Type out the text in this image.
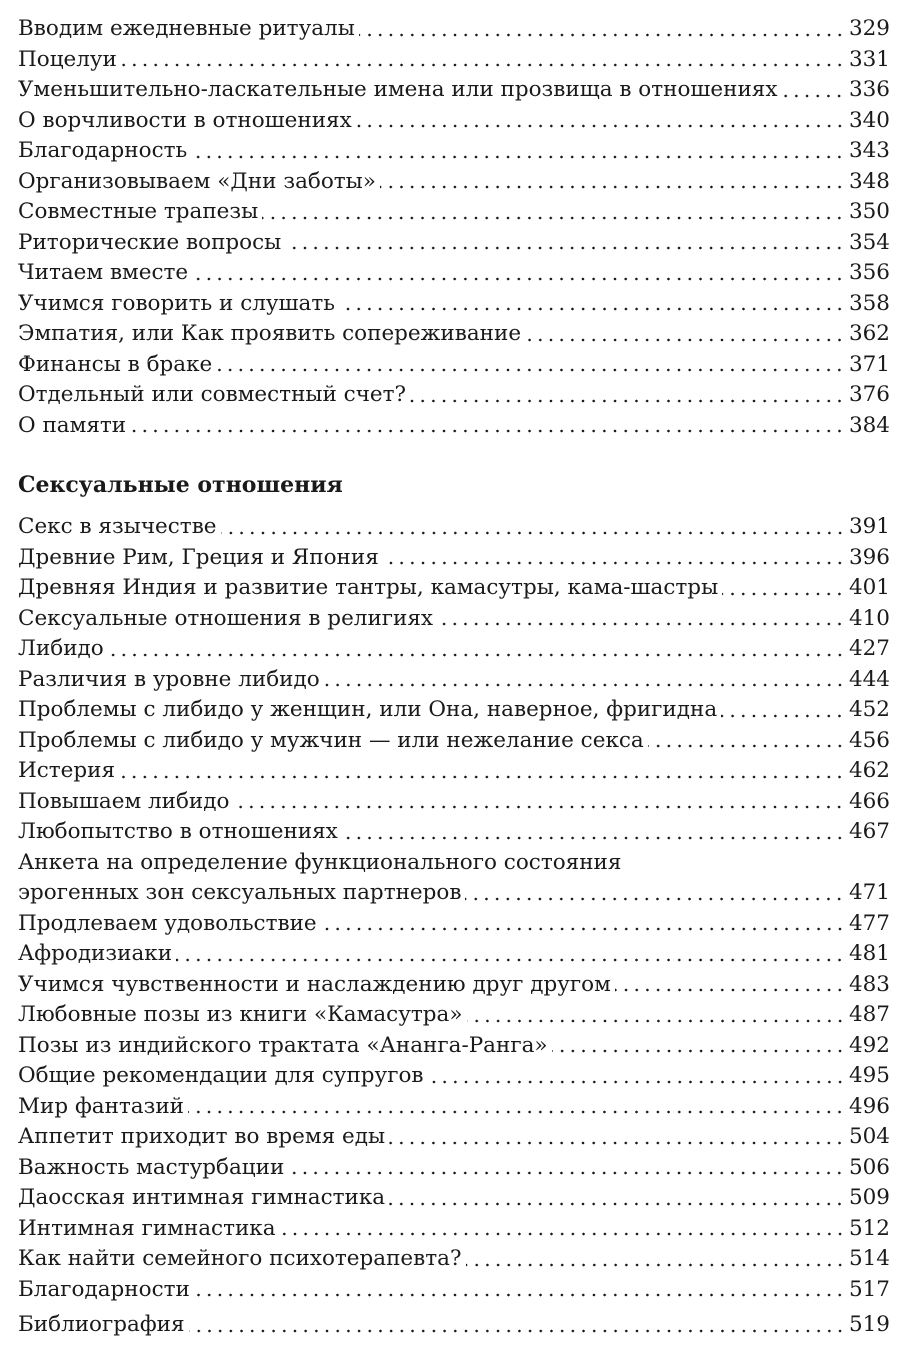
Вводим ежедневные ритуалы	329
Поцелуи	331
Уменьшительно-ласкательные имена или прозвища в отношениях	336
О ворчливости в отношениях	340
Благодарность	343
Организовываем «Дни заботы»	348
Совместные трапезы	350
Риторические вопросы	354
Читаем вместе	356
Учимся говорить и слушать	358
Эмпатия, или Как проявить сопереживание	362
Финансы в браке	371
Отдельный или совместный счет?	376
О памяти	384
Сексуальные отношения
Секс в язычестве	391
Древние Рим, Греция и Япония	396
Древняя Индия и развитие тантры, камасутры, кама-шастры	401
Сексуальные отношения в религиях	410
Либидо	427
Различия в уровне либидо	444
Проблемы с либидо у женщин, или Она, наверное, фригидна	452
Проблемы с либидо у мужчин — или нежелание секса	456
Истерия	462
Повышаем либидо	466
Любопытство в отношениях	467
Анкета на определение функционального состояния
эрогенных зон сексуальных партнеров	471
Продлеваем удовольствие	477
Афродизиаки	481
Учимся чувственности и наслаждению друг другом	483
Любовные позы из книги «Камасутра»	487
Позы из индийского трактата «Ананга-Ранга»	492
Общие рекомендации для супругов	495
Мир фантазий	496
Аппетит приходит во время еды	504
Важность мастурбации	506
Даосская интимная гимнастика	509
Интимная гимнастика	512
Как найти семейного психотерапевта?	514
Благодарности	517
Библиография	519
